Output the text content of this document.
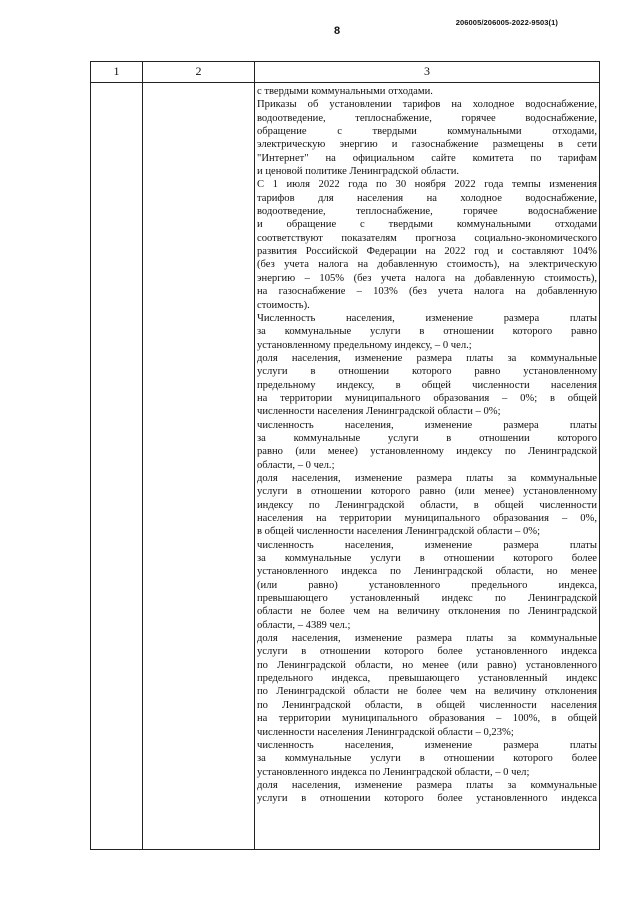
8
206005/206005-2022-9503(1)
1	2	3
с твердыми коммунальными отходами.
Приказы об установлении тарифов на холодное водоснабжение,
водоотведение, теплоснабжение, горячее водоснабжение,
обращение с твердыми коммунальными отходами,
электрическую энергию и газоснабжение размещены в сети
"Интернет" на официальном сайте комитета по тарифам
и ценовой политике Ленинградской области.
С 1 июля 2022 года по 30 ноября 2022 года темпы изменения
тарифов для населения на холодное водоснабжение,
водоотведение, теплоснабжение, горячее водоснабжение
и обращение с твердыми коммунальными отходами
соответствуют показателям прогноза социально-экономического
развития Российской Федерации на 2022 год и составляют 104%
(без учета налога на добавленную стоимость), на электрическую
энергию – 105% (без учета налога на добавленную стоимость),
на газоснабжение – 103% (без учета налога на добавленную
стоимость).
Численность населения, изменение размера платы
за коммунальные услуги в отношении которого равно
установленному предельному индексу, – 0 чел.;
доля населения, изменение размера платы за коммунальные
услуги в отношении которого равно установленному
предельному индексу, в общей численности населения
на территории муниципального образования – 0%; в общей
численности населения Ленинградской области – 0%;
численность населения, изменение размера платы
за коммунальные услуги в отношении которого
равно (или менее) установленному индексу по Ленинградской
области, – 0 чел.;
доля населения, изменение размера платы за коммунальные
услуги в отношении которого равно (или менее) установленному
индексу по Ленинградской области, в общей численности
населения на территории муниципального образования – 0%,
в общей численности населения Ленинградской области – 0%;
численность населения, изменение размера платы
за коммунальные услуги в отношении которого более
установленного индекса по Ленинградской области, но менее
(или равно) установленного предельного индекса,
превышающего установленный индекс по Ленинградской
области не более чем на величину отклонения по Ленинградской
области, – 4389 чел.;
доля населения, изменение размера платы за коммунальные
услуги в отношении которого более установленного индекса
по Ленинградской области, но менее (или равно) установленного
предельного индекса, превышающего установленный индекс
по Ленинградской области не более чем на величину отклонения
по Ленинградской области, в общей численности населения
на территории муниципального образования – 100%, в общей
численности населения Ленинградской области – 0,23%;
численность населения, изменение размера платы
за коммунальные услуги в отношении которого более
установленного индекса по Ленинградской области, – 0 чел;
доля населения, изменение размера платы за коммунальные
услуги в отношении которого более установленного индекса
